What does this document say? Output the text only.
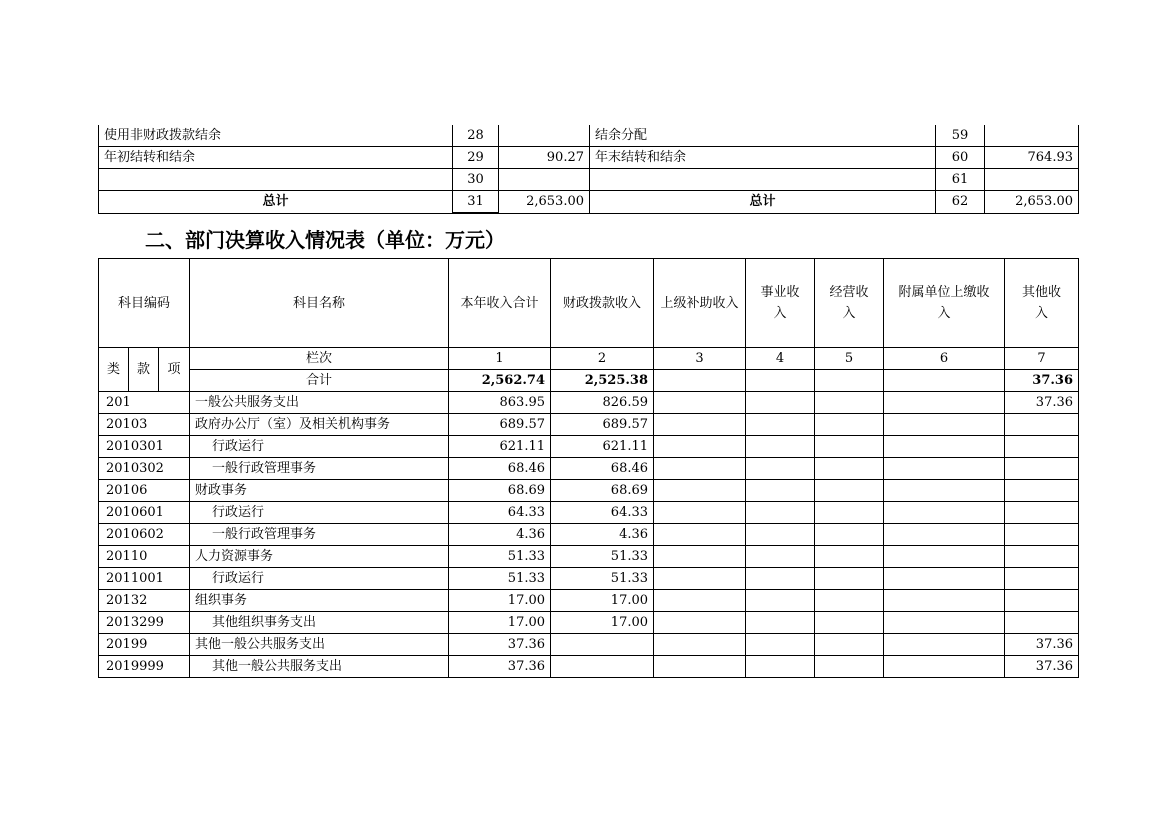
使用非财政拨款结余	28		结余分配	59	
年初结转和结余	29	90.27	年末结转和结余	60	764.93
	30			61	
总计	31	2,653.00	总计	62	2,653.00
二、部门决算收入情况表（单位：万元）
科目编码			科目名称	本年收入合计	财政拨款收入	上级补助收入	事业收入	经营收入	附属单位上缴收入	其他收入
类	款	项	栏次	1	2	3	4	5	6	7
			合计	2,562.74	2,525.38					37.36
201			一般公共服务支出	863.95	826.59					37.36
20103			政府办公厅（室）及相关机构事务	689.57	689.57					
2010301			行政运行	621.11	621.11					
2010302			一般行政管理事务	68.46	68.46					
20106			财政事务	68.69	68.69					
2010601			行政运行	64.33	64.33					
2010602			一般行政管理事务	4.36	4.36					
20110			人力资源事务	51.33	51.33					
2011001			行政运行	51.33	51.33					
20132			组织事务	17.00	17.00					
2013299			其他组织事务支出	17.00	17.00					
20199			其他一般公共服务支出	37.36						37.36
2019999			其他一般公共服务支出	37.36						37.36
